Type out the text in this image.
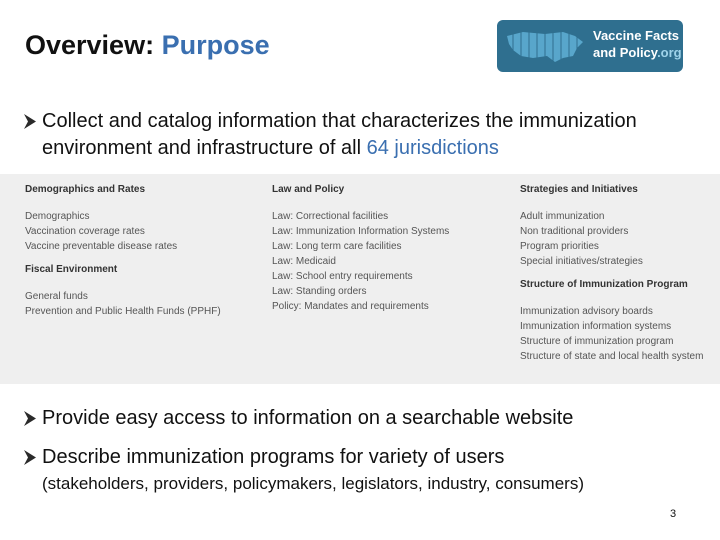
Overview: Purpose	Vaccine Facts
and Policy.org
Collect and catalog information that characterizes the immunization environment and infrastructure of all 64 jurisdictions
Demographics and Rates
Demographics
Vaccination coverage rates
Vaccine preventable disease rates
Fiscal Environment
General funds
Prevention and Public Health Funds (PPHF)
Law and Policy
Law: Correctional facilities
Law: Immunization Information Systems
Law: Long term care facilities
Law: Medicaid
Law: School entry requirements
Law: Standing orders
Policy: Mandates and requirements
Strategies and Initiatives
Adult immunization
Non traditional providers
Program priorities
Special initiatives/strategies
Structure of Immunization Program
Immunization advisory boards
Immunization information systems
Structure of immunization program
Structure of state and local health system
Provide easy access to information on a searchable website
Describe immunization programs for variety of users
(stakeholders, providers, policymakers, legislators, industry, consumers)
3
